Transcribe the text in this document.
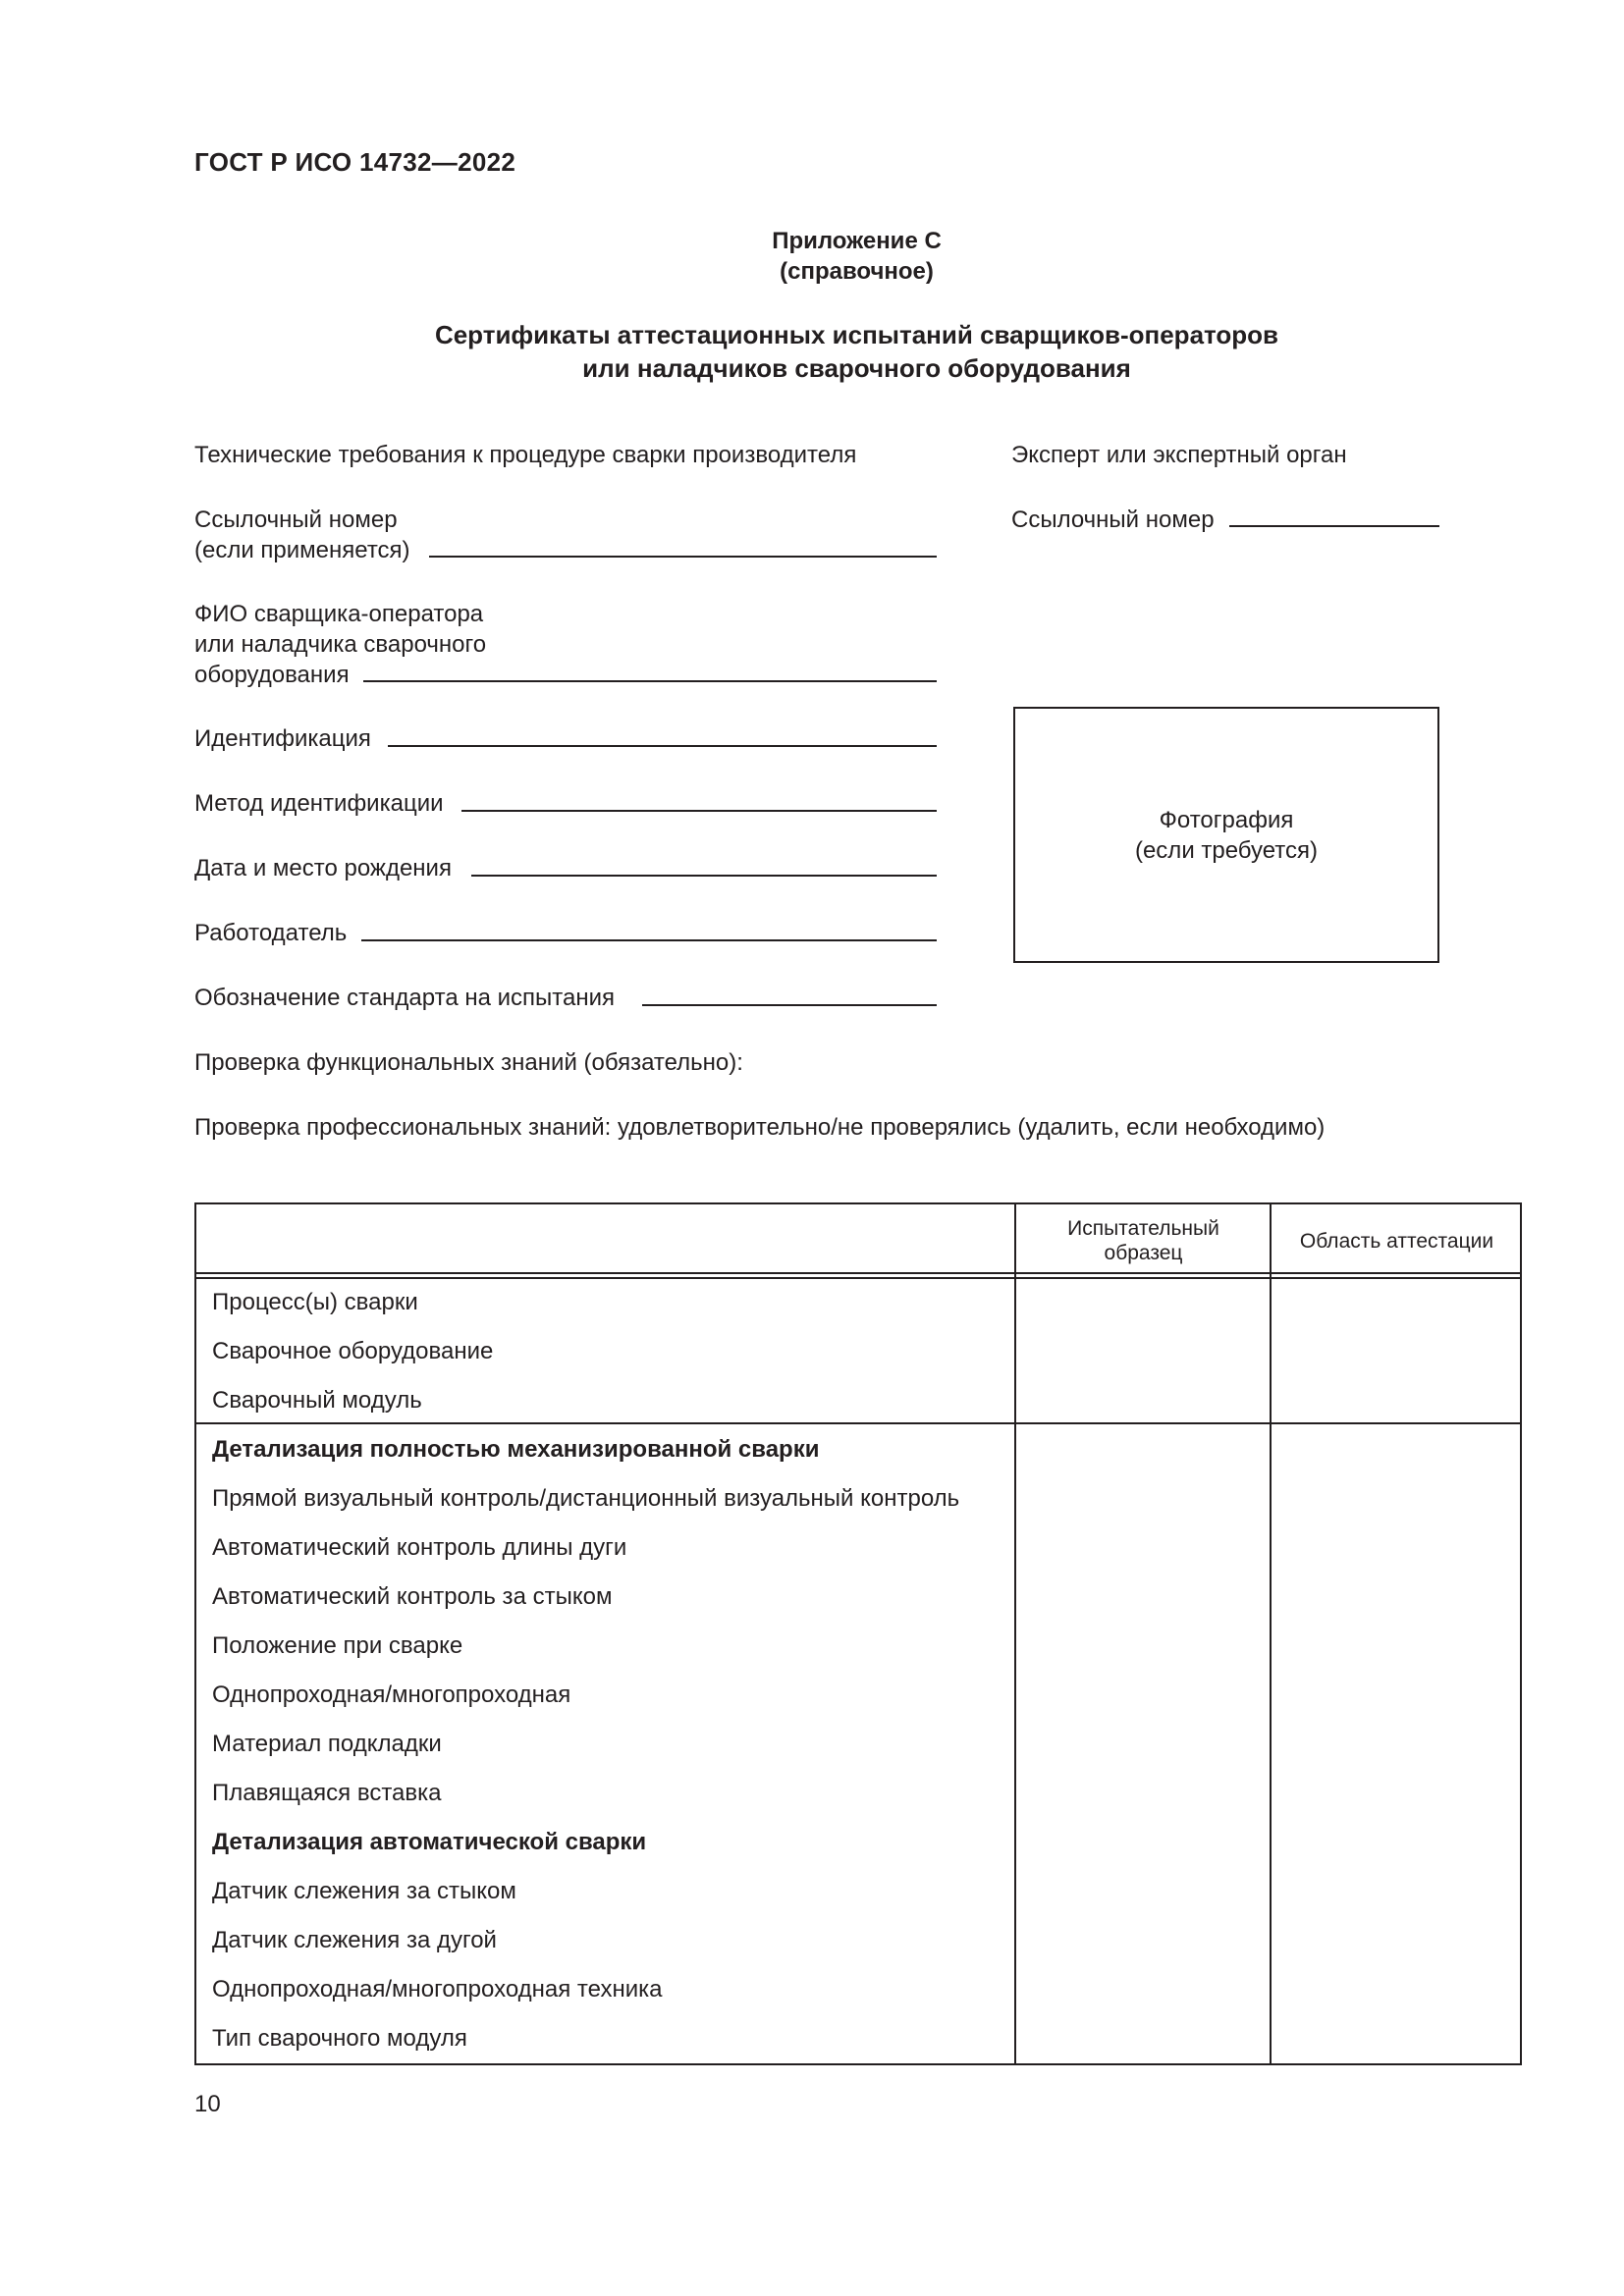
ГОСТ Р ИСО 14732—2022
Приложение C
(справочное)
Сертификаты аттестационных испытаний сварщиков-операторов
или наладчиков сварочного оборудования
Технические требования к процедуре сварки производителя
Ссылочный номер
(если применяется)
ФИО сварщика-оператора
или наладчика сварочного
оборудования
Идентификация
Метод идентификации
Дата и место рождения
Работодатель
Обозначение стандарта на испытания
Проверка функциональных знаний (обязательно):
Проверка профессиональных знаний: удовлетворительно/не проверялись (удалить, если необходимо)
Эксперт или экспертный орган
Ссылочный номер
Фотография
(если требуется)
Испытательный
образец
Область аттестации
Процесс(ы) сварки
Сварочное оборудование
Сварочный модуль
Детализация полностью механизированной сварки
Прямой визуальный контроль/дистанционный визуальный контроль
Автоматический контроль длины дуги
Автоматический контроль за стыком
Положение при сварке
Однопроходная/многопроходная
Материал подкладки
Плавящаяся вставка
Детализация автоматической сварки
Датчик слежения за стыком
Датчик слежения за дугой
Однопроходная/многопроходная техника
Тип сварочного модуля
10
